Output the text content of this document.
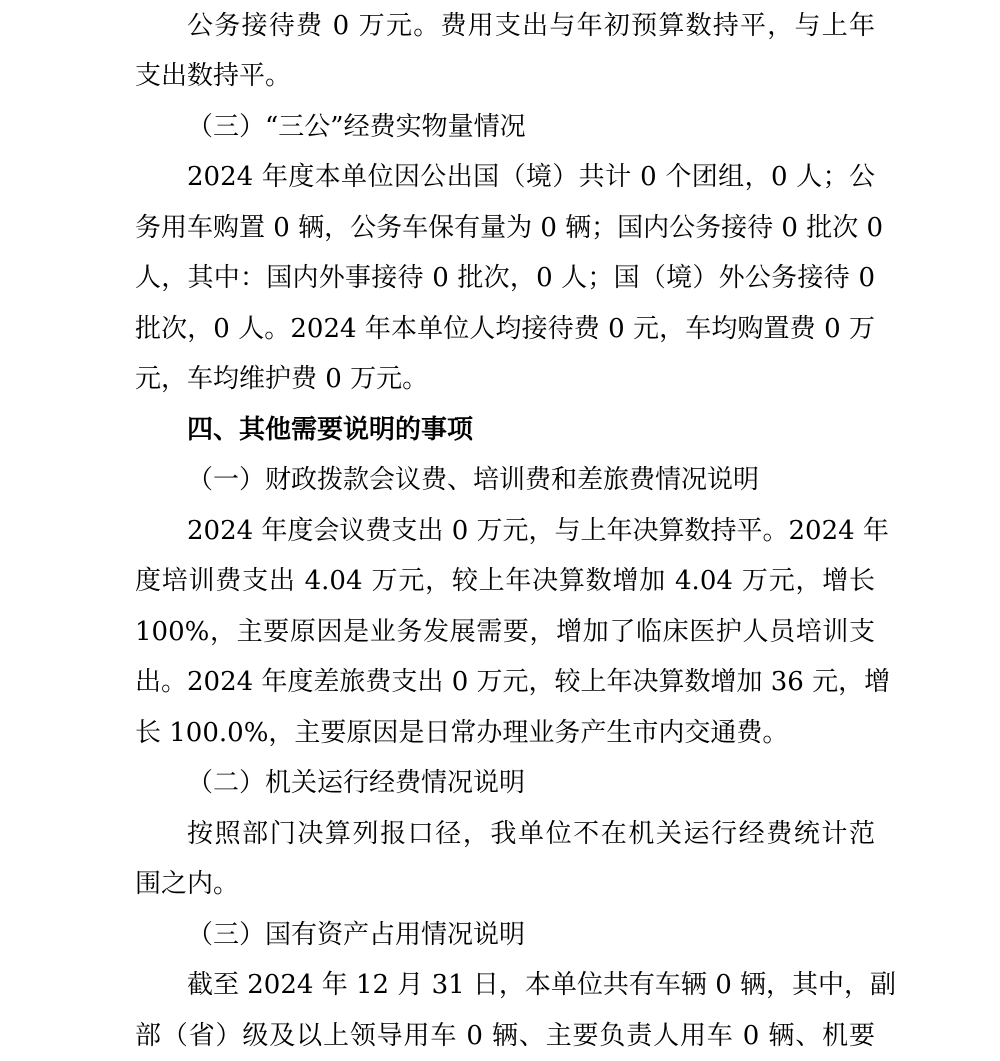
公务接待费 0 万元。费用支出与年初预算数持平，与上年
支出数持平。
（三）“三公”经费实物量情况
2024 年度本单位因公出国（境）共计 0 个团组，0 人；公
务用车购置 0 辆，公务车保有量为 0 辆；国内公务接待 0 批次 0
人，其中：国内外事接待 0 批次，0 人；国（境）外公务接待 0
批次，0 人。2024 年本单位人均接待费 0 元，车均购置费 0 万
元，车均维护费 0 万元。
四、其他需要说明的事项
（一）财政拨款会议费、培训费和差旅费情况说明
2024 年度会议费支出 0 万元，与上年决算数持平。2024 年
度培训费支出 4.04 万元，较上年决算数增加 4.04 万元，增长
100%，主要原因是业务发展需要，增加了临床医护人员培训支
出。2024 年度差旅费支出 0 万元，较上年决算数增加 36 元，增
长 100.0%，主要原因是日常办理业务产生市内交通费。
（二）机关运行经费情况说明
按照部门决算列报口径，我单位不在机关运行经费统计范
围之内。
（三）国有资产占用情况说明
截至 2024 年 12 月 31 日，本单位共有车辆 0 辆，其中，副
部（省）级及以上领导用车 0 辆、主要负责人用车 0 辆、机要
